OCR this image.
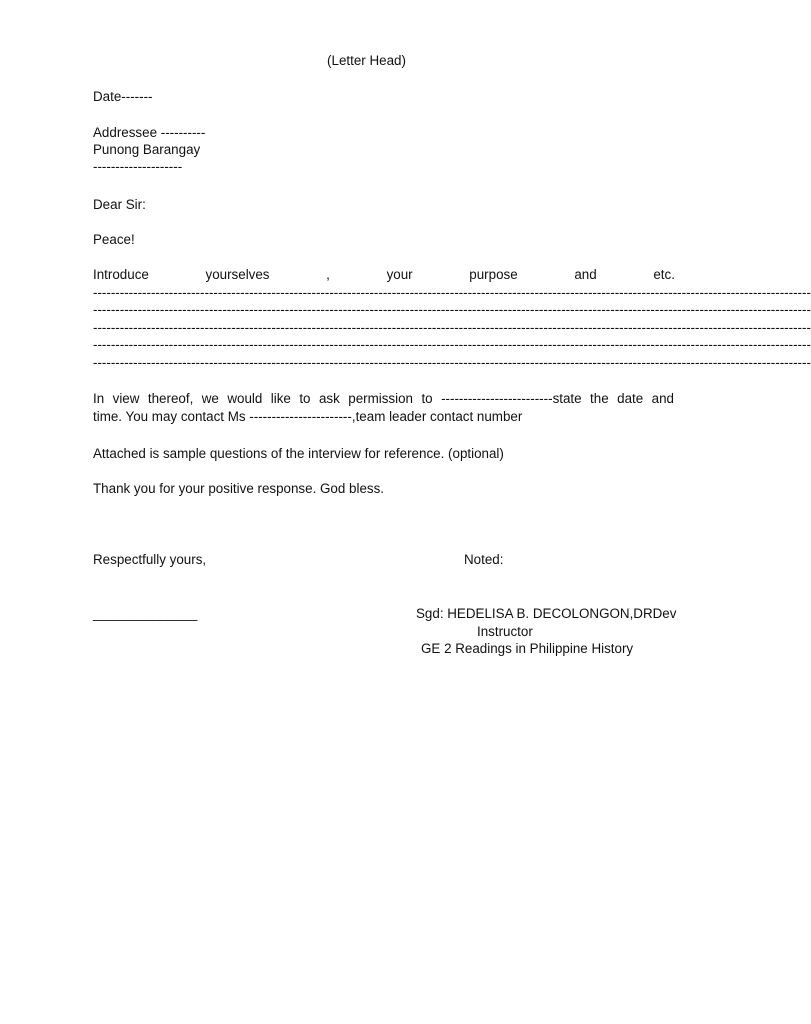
(Letter Head)
Date-------
Addressee ----------
Punong Barangay
--------------------
Dear Sir:
Peace!
Introduce	yourselves	,	your	purpose	and	etc.
-----------------------------------------------------------------------------------------------------------------------------------------------------------------
-----------------------------------------------------------------------------------------------------------------------------------------------------------------
-----------------------------------------------------------------------------------------------------------------------------------------------------------------
-----------------------------------------------------------------------------------------------------------------------------------------------------------------
-----------------------------------------------------------------------------------------------------------------------------------------------------------------
In view thereof, we would like to ask permission to -------------------------state the date and
time. You may contact Ms -----------------------,team leader contact number
Attached is sample questions of the interview for reference. (optional)
Thank you for your positive response. God bless.
Respectfully yours,	Noted:
______________	Sgd: HEDELISA B. DECOLONGON,DRDev
Instructor
GE 2 Readings in Philippine History
